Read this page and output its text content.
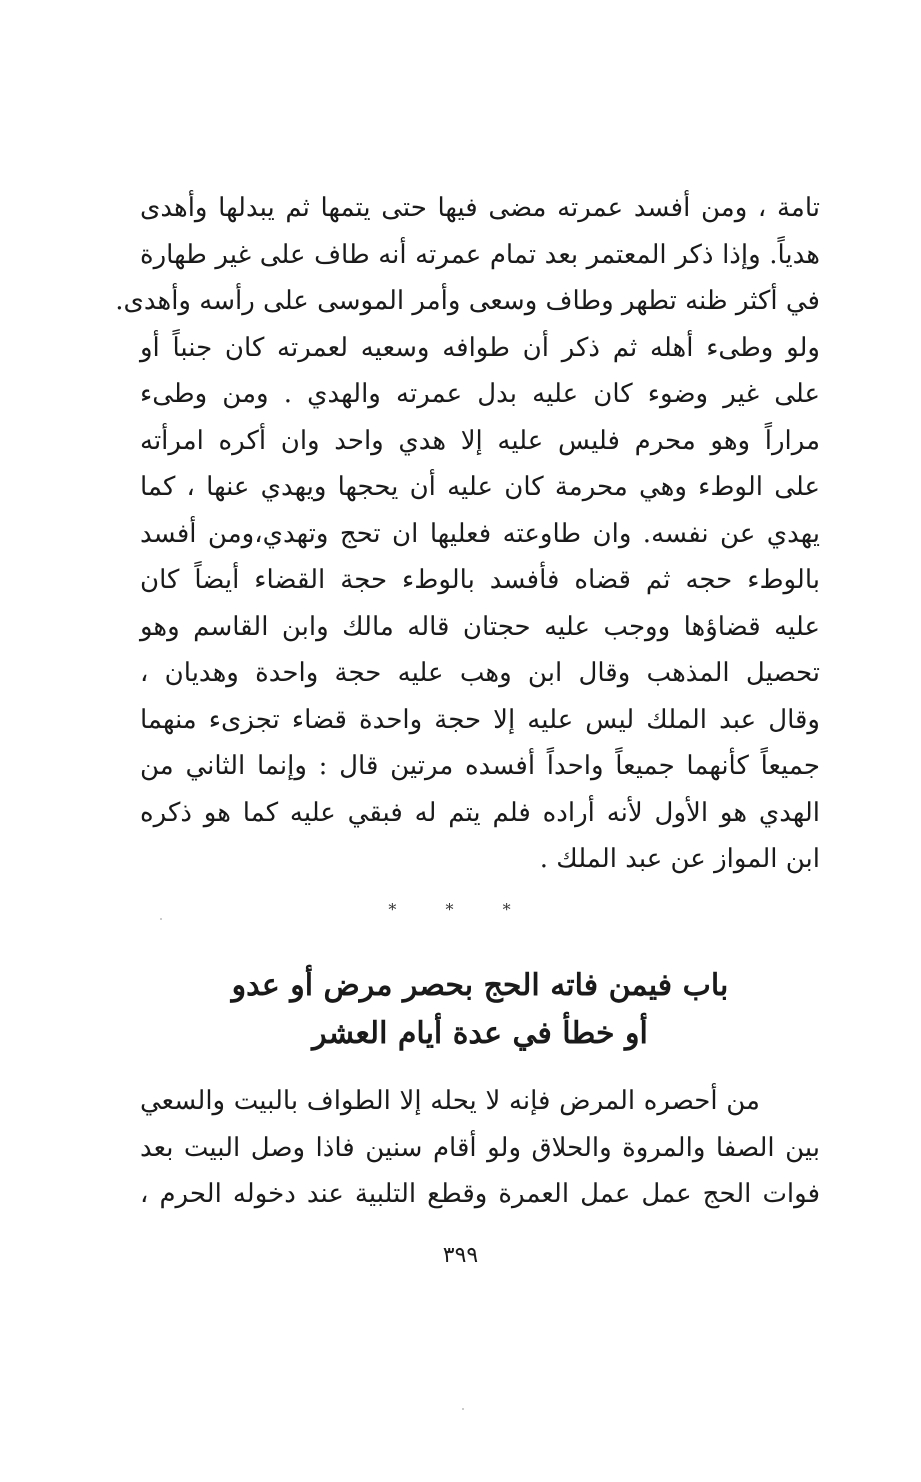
تامة ، ومن أفسد عمرته مضى فيها حتى يتمها ثم يبدلها وأهدى
هدياً. وإذا ذكر المعتمر بعد تمام عمرته أنه طاف على غير طهارة
في أكثر ظنه تطهر وطاف وسعى وأمر الموسى على رأسه وأهدى.
ولو وطىء أهله ثم ذكر أن طوافه وسعيه لعمرته كان جنباً أو
على غير وضوء كان عليه بدل عمرته والهدي . ومن وطىء
مراراً وهو محرم فليس عليه إلا هدي واحد وان أكره امرأته
على الوطء وهي محرمة كان عليه أن يحجها ويهدي عنها ، كما
يهدي عن نفسه. وان طاوعته فعليها ان تحج وتهدي،ومن أفسد
بالوطء حجه ثم قضاه فأفسد بالوطء حجة القضاء أيضاً كان
عليه قضاؤها ووجب عليه حجتان قاله مالك وابن القاسم وهو
تحصيل المذهب وقال ابن وهب عليه حجة واحدة وهديان ،
وقال عبد الملك ليس عليه إلا حجة واحدة قضاء تجزىء منهما
جميعاً كأنهما جميعاً واحداً أفسده مرتين قال : وإنما الثاني من
الهدي هو الأول لأنه أراده فلم يتم له فبقي عليه كما هو ذكره
ابن المواز عن عبد الملك .
* * *
باب فيمن فاته الحج بحصر مرض أو عدو
أو خطأ في عدة أيام العشر
من أحصره المرض فإنه لا يحله إلا الطواف بالبيت والسعي
بين الصفا والمروة والحلاق ولو أقام سنين فاذا وصل البيت بعد
فوات الحج عمل عمل العمرة وقطع التلبية عند دخوله الحرم ،
٣٩٩
